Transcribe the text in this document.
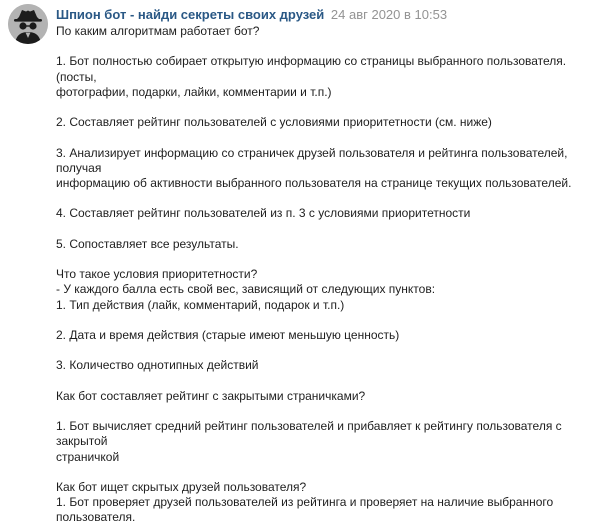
Шпион бот - найди секреты своих друзей 24 авг 2020 в 10:53

По каким алгоритмам работает бот?

1. Бот полностью собирает открытую информацию со страницы выбранного пользователя. (посты,

фотографии, подарки, лайки, комментарии и т.п.)

2. Составляет рейтинг пользователей с условиями приоритетности (см. ниже)

3. Анализирует информацию со страничек друзей пользователя и рейтинга пользователей, получая

информацию об активности выбранного пользователя на странице текущих пользователей.

4. Составляет рейтинг пользователей из п. 3 с условиями приоритетности

5. Сопоставляет все результаты.

Что такое условия приоритетности?

- У каждого балла есть свой вес, зависящий от следующих пунктов:

1. Тип действия (лайк, комментарий, подарок и т.п.)

2. Дата и время действия (старые имеют меньшую ценность)

3. Количество однотипных действий

Как бот составляет рейтинг с закрытыми страничками?

1. Бот вычисляет средний рейтинг пользователей и прибавляет к рейтингу пользователя с закрытой

страничкой

Как бот ищет скрытых друзей пользователя?

1. Бот проверяет друзей пользователей из рейтинга и проверяет на наличие выбранного пользователя.
